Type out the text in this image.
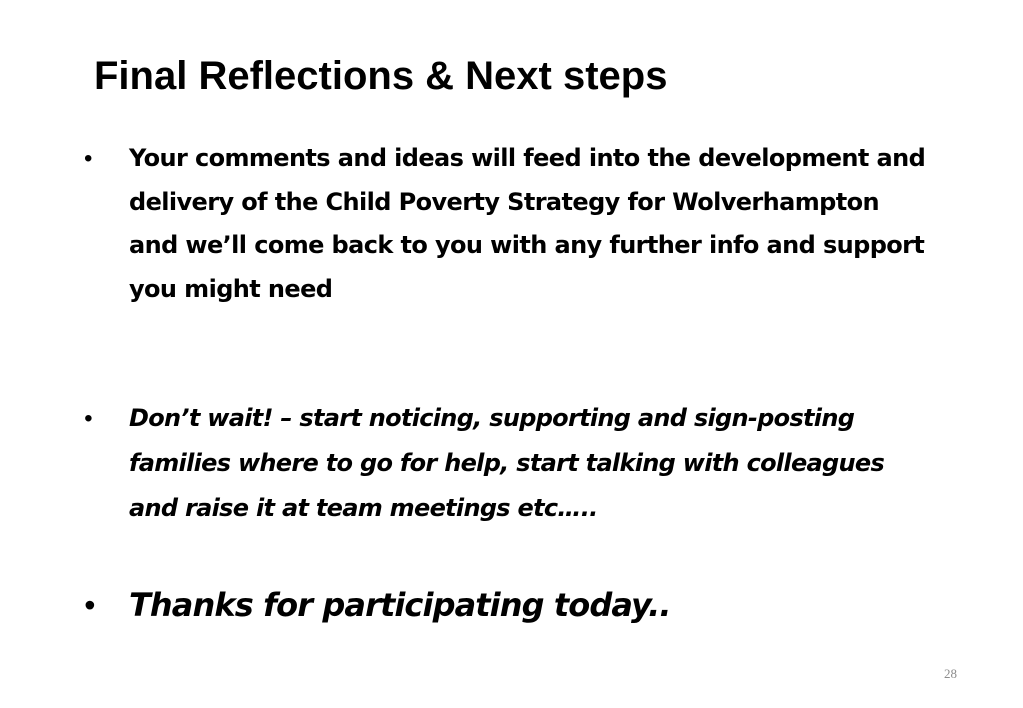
Final Reflections & Next steps
•	Your comments and ideas will feed into the development and delivery of the Child Poverty Strategy for Wolverhampton and we’ll come back to you with any further info and support you might need
•	Don’t wait! – start noticing, supporting and sign-posting families where to go for help, start talking with colleagues and raise it at team meetings etc…..
•	Thanks for participating today..
28
